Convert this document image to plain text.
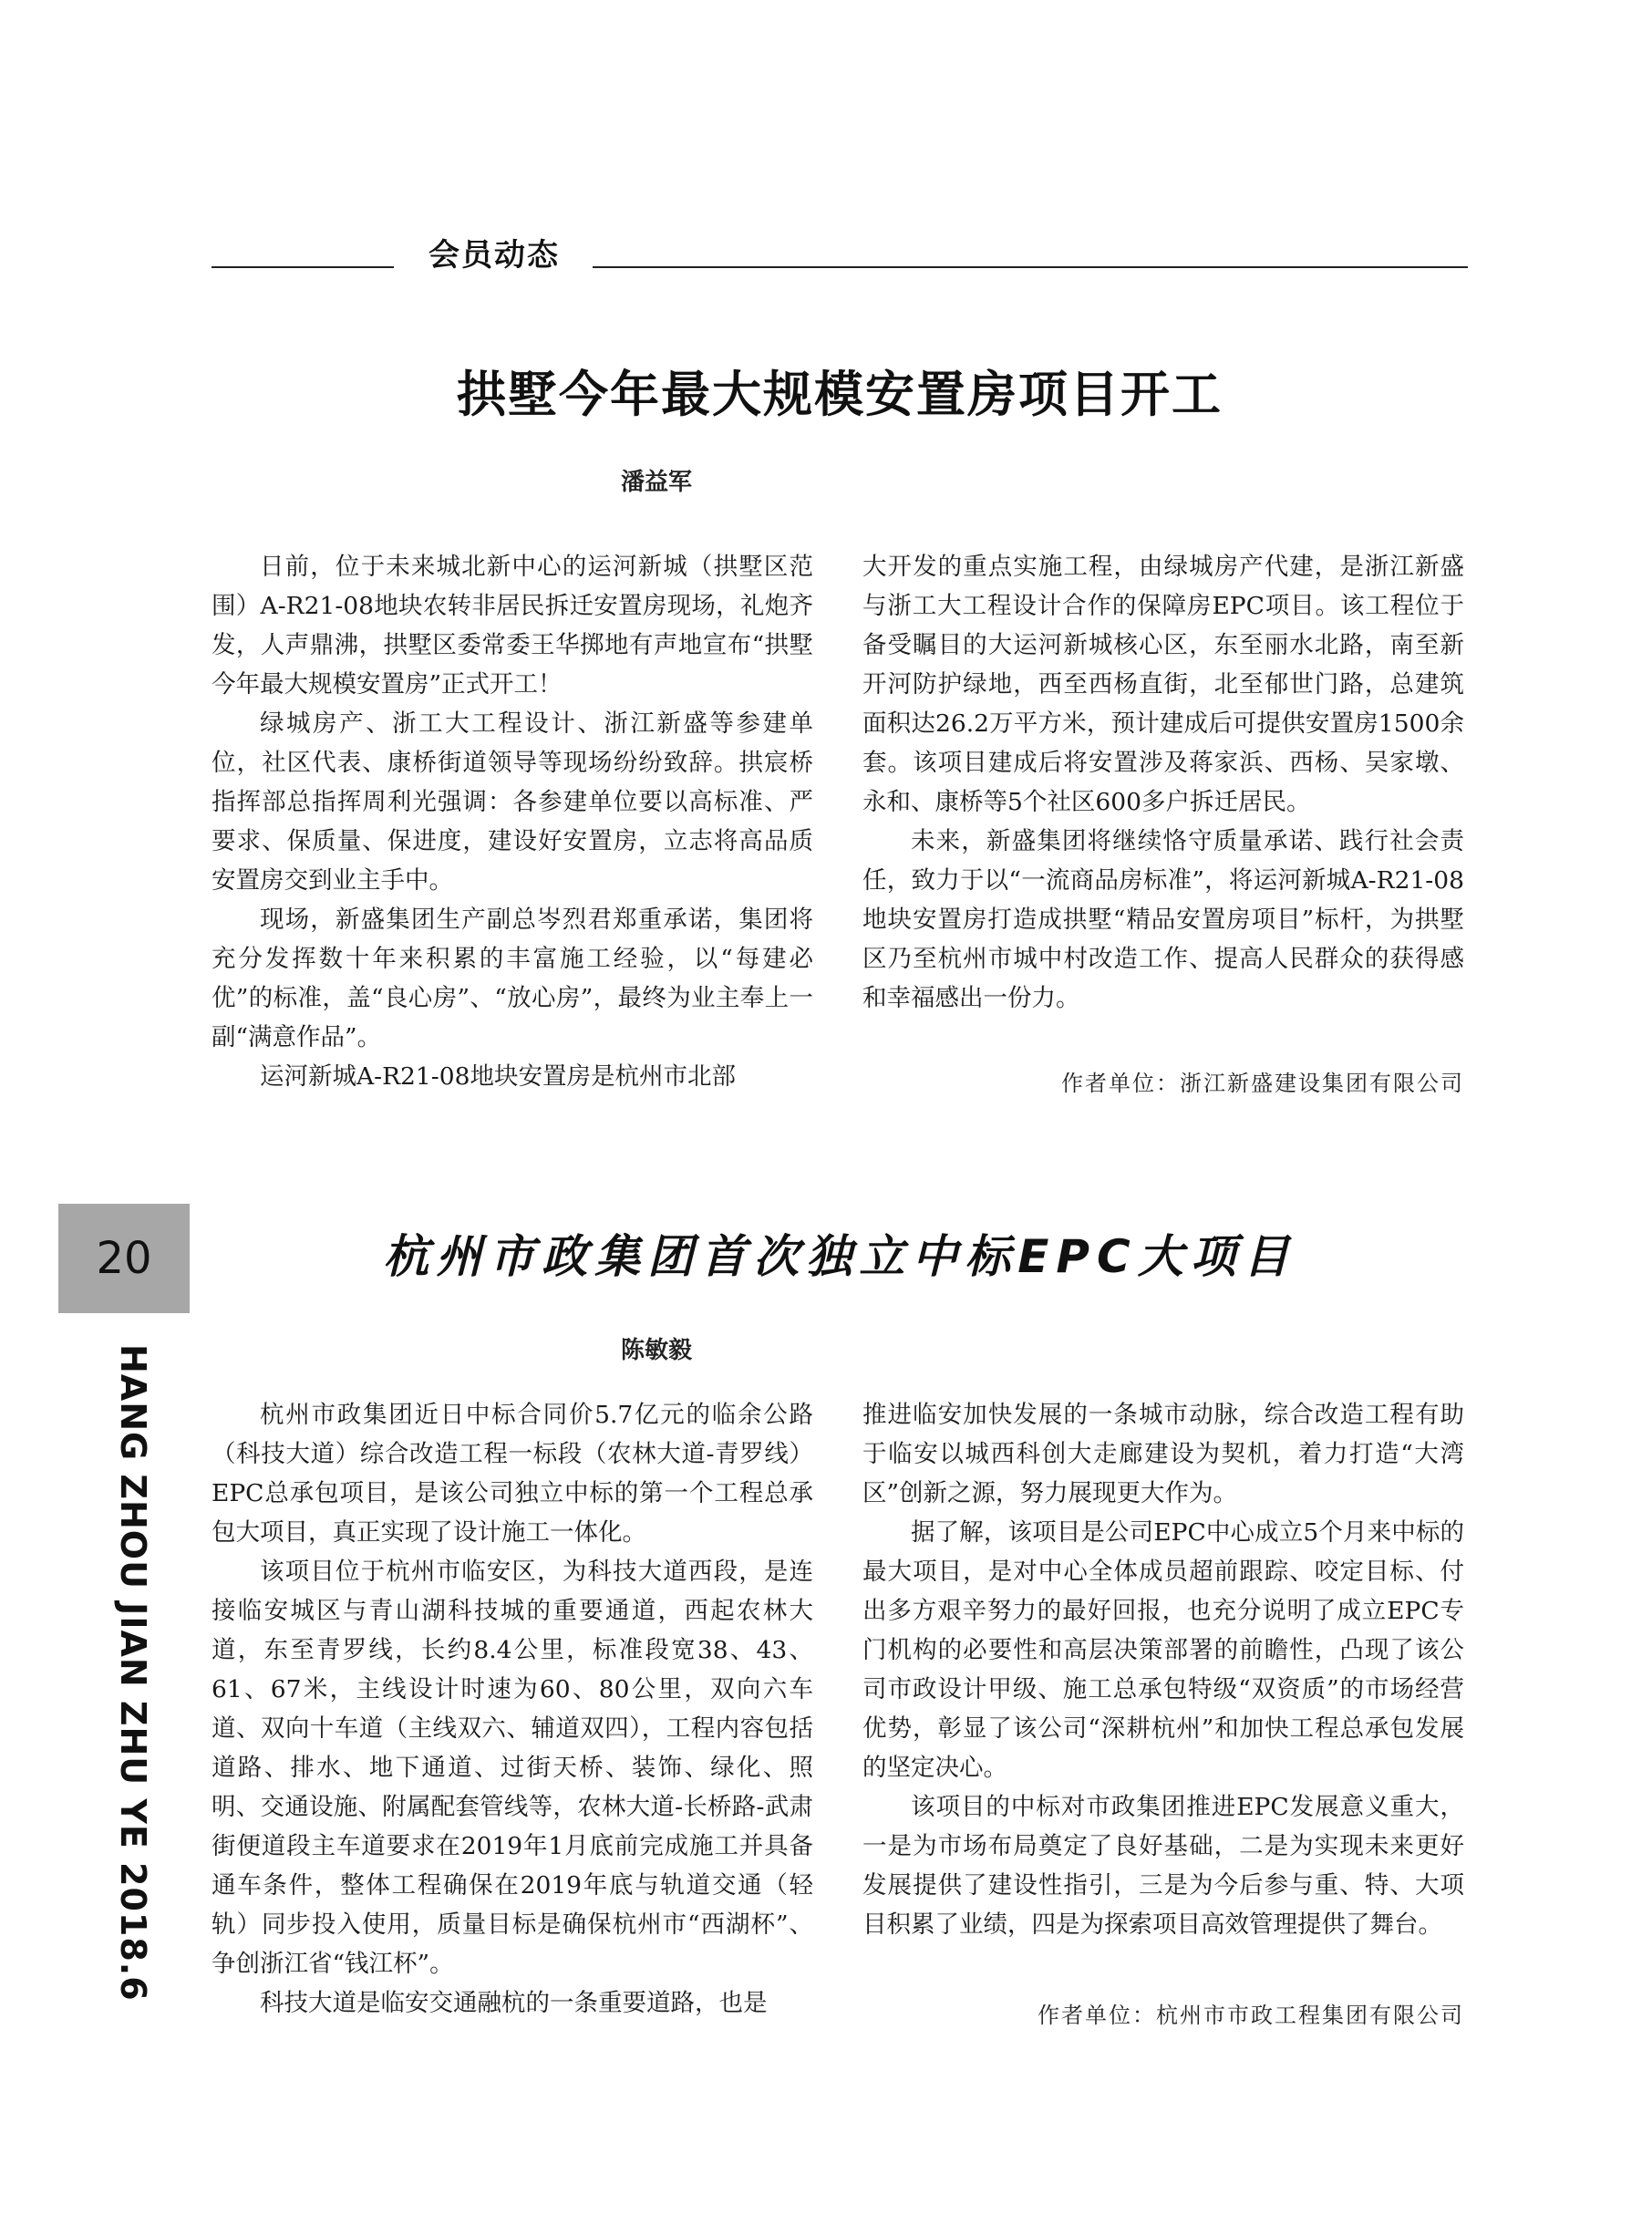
会员动态
拱墅今年最大规模安置房项目开工
潘益军

日前，位于未来城北新中心的运河新城（拱墅区范围）A-R21-08地块农转非居民拆迁安置房现场，礼炮齐发，人声鼎沸，拱墅区委常委王华掷地有声地宣布“拱墅今年最大规模安置房”正式开工！

绿城房产、浙工大工程设计、浙江新盛等参建单位，社区代表、康桥街道领导等现场纷纷致辞。拱宸桥指挥部总指挥周利光强调：各参建单位要以高标准、严要求、保质量、保进度，建设好安置房，立志将高品质安置房交到业主手中。

现场，新盛集团生产副总岑烈君郑重承诺，集团将充分发挥数十年来积累的丰富施工经验，以“每建必优”的标准，盖“良心房”、“放心房”，最终为业主奉上一副“满意作品”。

运河新城A-R21-08地块安置房是杭州市北部

大开发的重点实施工程，由绿城房产代建，是浙江新盛与浙工大工程设计合作的保障房EPC项目。该工程位于备受瞩目的大运河新城核心区，东至丽水北路，南至新开河防护绿地，西至西杨直街，北至郁世门路，总建筑面积达26.2万平方米，预计建成后可提供安置房1500余套。该项目建成后将安置涉及蒋家浜、西杨、吴家墩、永和、康桥等5个社区600多户拆迁居民。

未来，新盛集团将继续恪守质量承诺、践行社会责任，致力于以“一流商品房标准”，将运河新城A-R21-08地块安置房打造成拱墅“精品安置房项目”标杆，为拱墅区乃至杭州市城中村改造工作、提高人民群众的获得感和幸福感出一份力。

作者单位：浙江新盛建设集团有限公司
20
HANG ZHOU JIAN ZHU YE 2018.6
杭州市政集团首次独立中标EPC大项目
陈敏毅

杭州市政集团近日中标合同价5.7亿元的临余公路（科技大道）综合改造工程一标段（农林大道-青罗线）EPC总承包项目，是该公司独立中标的第一个工程总承包大项目，真正实现了设计施工一体化。

该项目位于杭州市临安区，为科技大道西段，是连接临安城区与青山湖科技城的重要通道，西起农林大道，东至青罗线，长约8.4公里，标准段宽38、43、61、67米，主线设计时速为60、80公里，双向六车道、双向十车道（主线双六、辅道双四），工程内容包括道路、排水、地下通道、过街天桥、装饰、绿化、照明、交通设施、附属配套管线等，农林大道-长桥路-武肃街便道段主车道要求在2019年1月底前完成施工并具备通车条件，整体工程确保在2019年底与轨道交通（轻轨）同步投入使用，质量目标是确保杭州市“西湖杯”、争创浙江省“钱江杯”。

科技大道是临安交通融杭的一条重要道路，也是

推进临安加快发展的一条城市动脉，综合改造工程有助于临安以城西科创大走廊建设为契机，着力打造“大湾区”创新之源，努力展现更大作为。

据了解，该项目是公司EPC中心成立5个月来中标的最大项目，是对中心全体成员超前跟踪、咬定目标、付出多方艰辛努力的最好回报，也充分说明了成立EPC专门机构的必要性和高层决策部署的前瞻性，凸现了该公司市政设计甲级、施工总承包特级“双资质”的市场经营优势，彰显了该公司“深耕杭州”和加快工程总承包发展的坚定决心。

该项目的中标对市政集团推进EPC发展意义重大，一是为市场布局奠定了良好基础，二是为实现未来更好发展提供了建设性指引，三是为今后参与重、特、大项目积累了业绩，四是为探索项目高效管理提供了舞台。

作者单位：杭州市市政工程集团有限公司
